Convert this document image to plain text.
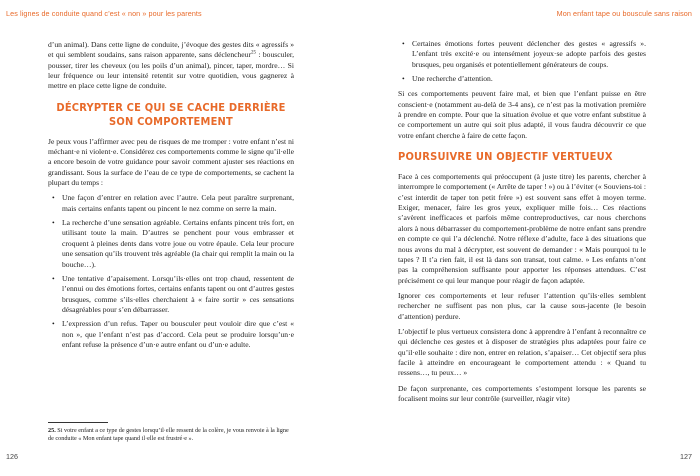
Les lignes de conduite quand c’est « non » pour les parents	Mon enfant tape ou bouscule sans raison

d’un animal). Dans cette ligne de conduite, j’évoque des gestes dits « agressifs » et qui semblent soudains, sans raison apparente, sans déclencheur$^{25}$ : bousculer, pousser, tirer les cheveux (ou les poils d’un animal), pincer, taper, mordre… Si leur fréquence ou leur intensité retentit sur votre quotidien, vous gagnerez à mettre en place cette ligne de conduite.

DÉCRYPTER CE QUI SE CACHE DERRIÈRE SON COMPORTEMENT

Je peux vous l’affirmer avec peu de risques de me tromper : votre enfant n’est ni méchant·e ni violent·e. Considérez ces comportements comme le signe qu’il·elle a encore besoin de votre guidance pour savoir comment ajuster ses réactions en grandissant. Sous la surface de l’eau de ce type de comportements, se cachent la plupart du temps :

• Une façon d’entrer en relation avec l’autre. Cela peut paraître surprenant, mais certains enfants tapent ou pincent le nez comme on serre la main.
• La recherche d’une sensation agréable. Certains enfants pincent très fort, en utilisant toute la main. D’autres se penchent pour vous embrasser et croquent à pleines dents dans votre joue ou votre épaule. Cela leur procure une sensation qu’ils trouvent très agréable (la chair qui remplit la main ou la bouche…).
• Une tentative d’apaisement. Lorsqu’ils·elles ont trop chaud, ressentent de l’ennui ou des émotions fortes, certains enfants tapent ou ont d’autres gestes brusques, comme s’ils·elles cherchaient à « faire sortir » ces sensations désagréables pour s’en débarrasser.
• L’expression d’un refus. Taper ou bousculer peut vouloir dire que c’est « non », que l’enfant n’est pas d’accord. Cela peut se produire lorsqu’un·e enfant refuse la présence d’un·e autre enfant ou d’un·e adulte.
25. Si votre enfant a ce type de gestes lorsqu’il·elle ressent de la colère, je vous renvoie à la ligne de conduite « Mon enfant tape quand il·elle est frustré·e ».
• Certaines émotions fortes peuvent déclencher des gestes « agressifs ». L’enfant très excité·e ou intensément joyeux·se adopte parfois des gestes brusques, peu organisés et potentiellement générateurs de coups.
• Une recherche d’attention.

Si ces comportements peuvent faire mal, et bien que l’enfant puisse en être conscient·e (notamment au-delà de 3-4 ans), ce n’est pas la motivation première à prendre en compte. Pour que la situation évolue et que votre enfant substitue à ce comportement un autre qui soit plus adapté, il vous faudra découvrir ce que votre enfant cherche à faire de cette façon.

POURSUIVRE UN OBJECTIF VERTUEUX

Face à ces comportements qui préoccupent (à juste titre) les parents, chercher à interrompre le comportement (« Arrête de taper ! ») ou à l’éviter (« Souviens-toi : c’est interdit de taper ton petit frère ») est souvent sans effet à moyen terme. Exiger, menacer, faire les gros yeux, expliquer mille fois… Ces réactions s’avèrent inefficaces et parfois même contreproductives, car nous cherchons alors à nous débarrasser du comportement-problème de notre enfant sans prendre en compte ce qui l’a déclenché. Notre réflexe d’adulte, face à des situations que nous avons du mal à décrypter, est souvent de demander : « Mais pourquoi tu le tapes ? Il t’a rien fait, il est là dans son transat, tout calme. » Les enfants n’ont pas la compréhension suffisante pour apporter les réponses attendues. C’est précisément ce qui leur manque pour réagir de façon adaptée.

Ignorer ces comportements et leur refuser l’attention qu’ils·elles semblent rechercher ne suffisent pas non plus, car la cause sous-jacente (le besoin d’attention) perdure.

L’objectif le plus vertueux consistera donc à apprendre à l’enfant à reconnaître ce qui déclenche ces gestes et à disposer de stratégies plus adaptées pour faire ce qu’il·elle souhaite : dire non, entrer en relation, s’apaiser… Cet objectif sera plus facile à atteindre en encourageant le comportement attendu : « Quand tu ressens…, tu peux… »

De façon surprenante, ces comportements s’estompent lorsque les parents se focalisent moins sur leur contrôle (surveiller, réagir vite)

126	127
